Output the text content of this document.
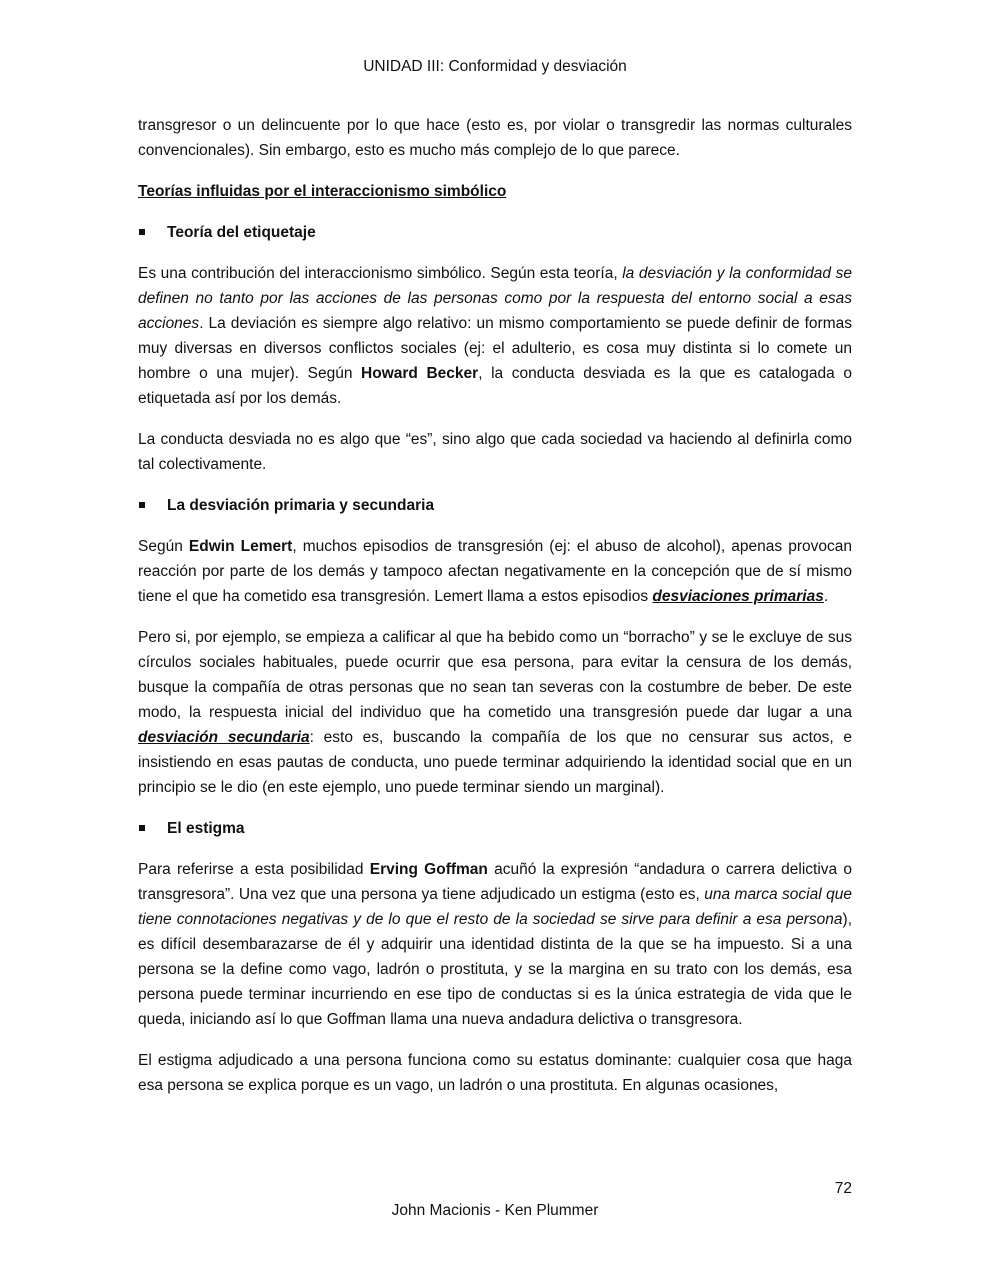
UNIDAD III: Conformidad y desviación

transgresor o un delincuente por lo que hace (esto es, por violar o transgredir las normas culturales convencionales). Sin embargo, esto es mucho más complejo de lo que parece.

Teorías influidas por el interaccionismo simbólico
Teoría del etiquetaje

Es una contribución del interaccionismo simbólico. Según esta teoría, la desviación y la conformidad se definen no tanto por las acciones de las personas como por la respuesta del entorno social a esas acciones. La deviación es siempre algo relativo: un mismo comportamiento se puede definir de formas muy diversas en diversos conflictos sociales (ej: el adulterio, es cosa muy distinta si lo comete un hombre o una mujer). Según Howard Becker, la conducta desviada es la que es catalogada o etiquetada así por los demás.

La conducta desviada no es algo que “es”, sino algo que cada sociedad va haciendo al definirla como tal colectivamente.

La desviación primaria y secundaria

Según Edwin Lemert, muchos episodios de transgresión (ej: el abuso de alcohol), apenas provocan reacción por parte de los demás y tampoco afectan negativamente en la concepción que de sí mismo tiene el que ha cometido esa transgresión. Lemert llama a estos episodios desviaciones primarias.

Pero si, por ejemplo, se empieza a calificar al que ha bebido como un “borracho” y se le excluye de sus círculos sociales habituales, puede ocurrir que esa persona, para evitar la censura de los demás, busque la compañía de otras personas que no sean tan severas con la costumbre de beber. De este modo, la respuesta inicial del individuo que ha cometido una transgresión puede dar lugar a una desviación secundaria: esto es, buscando la compañía de los que no censurar sus actos, e insistiendo en esas pautas de conducta, uno puede terminar adquiriendo la identidad social que en un principio se le dio (en este ejemplo, uno puede terminar siendo un marginal).

El estigma

Para referirse a esta posibilidad Erving Goffman acuñó la expresión “andadura o carrera delictiva o transgresora”. Una vez que una persona ya tiene adjudicado un estigma (esto es, una marca social que tiene connotaciones negativas y de lo que el resto de la sociedad se sirve para definir a esa persona), es difícil desembarazarse de él y adquirir una identidad distinta de la que se ha impuesto. Si a una persona se la define como vago, ladrón o prostituta, y se la margina en su trato con los demás, esa persona puede terminar incurriendo en ese tipo de conductas si es la única estrategia de vida que le queda, iniciando así lo que Goffman llama una nueva andadura delictiva o transgresora.

El estigma adjudicado a una persona funciona como su estatus dominante: cualquier cosa que haga esa persona se explica porque es un vago, un ladrón o una prostituta. En algunas ocasiones,

72
John Macionis - Ken Plummer
